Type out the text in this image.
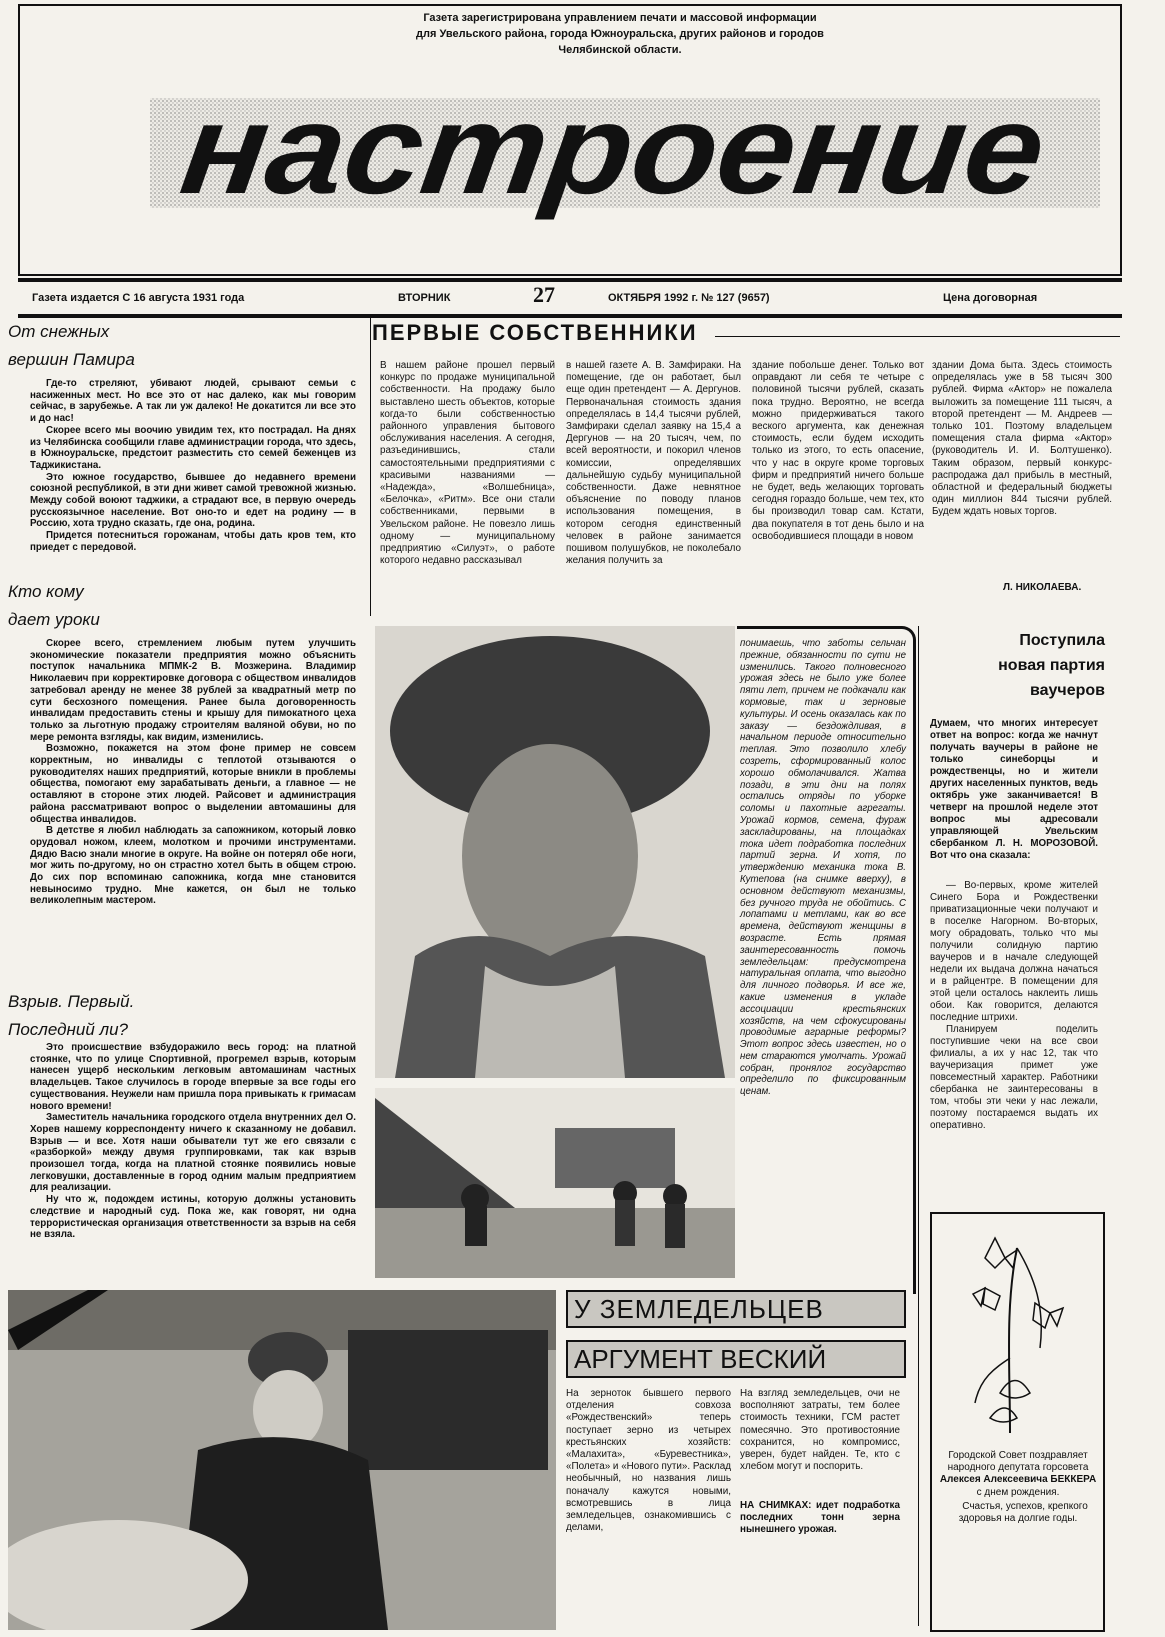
Газета зарегистрирована управлением печати и массовой информации
для Увельского района, города Южноуральска, других районов и городов
Челябинской области.
настроение
Газета издается С 16 августа 1931 года	ВТОРНИК	27	ОКТЯБРЯ 1992 г. № 127 (9657)	Цена договорная
От снежных
вершин Памира

Где-то стреляют, убивают людей, срывают семьи с насиженных мест. Но все это от нас далеко, как мы говорим сейчас, в зарубежье. А так ли уж далеко! Не докатится ли все это и до нас!

Скорее всего мы воочию увидим тех, кто пострадал. На днях из Челябинска сообщили главе администрации города, что здесь, в Южноуральске, предстоит разместить сто семей беженцев из Таджикистана.

Это южное государство, бывшее до недавнего времени союзной республикой, в эти дни живет самой тревожной жизнью. Между собой воюют таджики, а страдают все, в первую очередь русскоязычное население. Вот оно-то и едет на родину — в Россию, хота трудно сказать, где она, родина.

Придется потесниться горожанам, чтобы дать кров тем, кто приедет с передовой.

Кто кому
дает уроки

Скорее всего, стремлением любым путем улучшить экономические показатели предприятия можно объяснить поступок начальника МПМК-2 В. Мозжерина. Владимир Николаевич при корректировке договора с обществом инвалидов затребовал аренду не менее 38 рублей за квадратный метр по сути бесхозного помещения. Ранее была договоренность инвалидам предоставить стены и крышу для пимокатного цеха только за льготную продажу строителям валяной обуви, но по мере ремонта взгляды, как видим, изменились.

Возможно, покажется на этом фоне пример не совсем корректным, но инвалиды с теплотой отзываются о руководителях наших предприятий, которые вникли в проблемы общества, помогают ему зарабатывать деньги, а главное — не оставляют в стороне этих людей. Райсовет и администрация района рассматривают вопрос о выделении автомашины для общества инвалидов.

В детстве я любил наблюдать за сапожником, который ловко орудовал ножом, клеем, молотком и прочими инструментами. Дядю Васю знали многие в округе. На войне он потерял обе ноги, мог жить по-другому, но он страстно хотел быть в общем строю. До сих пор вспоминаю сапожника, когда мне становится невыносимо трудно. Мне кажется, он был не только великолепным мастером.

Взрыв. Первый.
Последний ли?

Это происшествие взбудоражило весь город: на платной стоянке, что по улице Спортивной, прогремел взрыв, которым нанесен ущерб нескольким легковым автомашинам частных владельцев. Такое случилось в городе впервые за все годы его существования. Неужели нам пришла пора привыкать к гримасам нового времени!

Заместитель начальника городского отдела внутренних дел О. Хорев нашему корреспонденту ничего к сказанному не добавил. Взрыв — и все. Хотя наши обыватели тут же его связали с «разборкой» между двумя группировками, так как взрыв произошел тогда, когда на платной стоянке появились новые легковушки, доставленные в город одним малым предприятием для реализации.

Ну что ж, подождем истины, которую должны установить следствие и народный суд. Пока же, как говорят, ни одна террористическая организация ответственности за взрыв на себя не взяла.

ПЕРВЫЕ СОБСТВЕННИКИ
В нашем районе прошел первый конкурс по продаже муниципальной собственности. На продажу было выставлено шесть объектов, которые когда-то были собственностью районного управления бытового обслуживания населения. А сегодня, разъединившись, стали самостоятельными предприятиями с красивыми названиями — «Надежда», «Волшебница», «Белочка», «Ритм». Все они стали собственниками, первыми в Увельском районе. Не повезло лишь одному — муниципальному предприятию «Силуэт», о работе которого недавно рассказывал
в нашей газете А. В. Замфираки. На помещение, где он работает, был еще один претендент — А. Дергунов. Первоначальная стоимость здания определялась в 14,4 тысячи рублей, Замфираки сделал заявку на 15,4 а Дергунов — на 20 тысяч, чем, по всей вероятности, и покорил членов комиссии, определявших дальнейшую судьбу муниципальной собственности. Даже невнятное объяснение по поводу планов использования помещения, в котором сегодня единственный человек в районе занимается пошивом полушубков, не поколебало желания получить за
здание побольше денег. Только вот оправдают ли себя те четыре с половиной тысячи рублей, сказать пока трудно. Вероятно, не всегда можно придерживаться такого веского аргумента, как денежная стоимость, если будем исходить только из этого, то есть опасение, что у нас в округе кроме торговых фирм и предприятий ничего больше не будет, ведь желающих торговать сегодня гораздо больше, чем тех, кто бы производил товар сам. Кстати, два покупателя в тот день было и на освободившиеся площади в новом
здании Дома быта. Здесь стоимость определялась уже в 58 тысяч 300 рублей. Фирма «Актор» не пожалела выложить за помещение 111 тысяч, а второй претендент — М. Андреев — только 101. Поэтому владельцем помещения стала фирма «Актор» (руководитель И. И. Болтушенко). Таким образом, первый конкурс-распродажа дал прибыль в местный, областной и федеральный бюджеты один миллион 844 тысячи рублей. Будем ждать новых торгов.
Л. НИКОЛАЕВА.
понимаешь, что заботы сельчан прежние, обязанности по сути не изменились. Такого полновесного урожая здесь не было уже более пяти лет, причем не подкачали как кормовые, так и зерновые культуры. И осень оказалась как по заказу — бездождливая, в начальном периоде относительно теплая. Это позволило хлебу созреть, сформированный колос хорошо обмолачивался. Жатва позади, в эти дни на полях остались отряды по уборке соломы и пахотные агрегаты. Урожай кормов, семена, фураж заскладированы, на площадках тока идет подработка последних партий зерна. И хотя, по утверждению механика тока В. Кутепова (на снимке вверху), в основном действуют механизмы, без ручного труда не обойтись. С лопатами и метлами, как во все времена, действуют женщины в возрасте. Есть прямая заинтересованность помочь земледельцам: предусмотрена натуральная оплата, что выгодно для личного подворья. И все же, какие изменения в укладе ассоциации крестьянских хозяйств, на чем сфокусированы проводимые аграрные реформы? Этот вопрос здесь известен, но о нем стараются умолчать. Урожай собран, пронялог государство определило по фиксированным ценам.
У ЗЕМЛЕДЕЛЬЦЕВ
АРГУМЕНТ ВЕСКИЙ
На зерноток бывшего первого отделения совхоза «Рождественский» теперь поступает зерно из четырех крестьянских хозяйств: «Малахита», «Буревестника», «Полета» и «Нового пути». Расклад необычный, но названия лишь поначалу кажутся новыми, всмотревшись в лица земледельцев, ознакомившись с делами,
На взгляд земледельцев, очи не восполняют затраты, тем более стоимость техники, ГСМ растет помесячно. Это противостояние сохранится, но компромисс, уверен, будет найден. Те, кто с хлебом могут и поспорить.
НА СНИМКАХ: идет подработка последних тонн зерна нынешнего урожая.
Поступила
новая партия
ваучеров
Думаем, что многих интересует ответ на вопрос: когда же начнут получать ваучеры в районе не только синеборцы и рождественцы, но и жители других населенных пунктов, ведь октябрь уже заканчивается! В четверг на прошлой неделе этот вопрос мы адресовали управляющей Увельским сбербанком Л. Н. МОРОЗОВОЙ. Вот что она сказала:

— Во-первых, кроме жителей Синего Бора и Рождественки приватизационные чеки получают и в поселке Нагорном. Во-вторых, могу обрадовать, только что мы получили солидную партию ваучеров и в начале следующей недели их выдача должна начаться и в райцентре. В помещении для этой цели осталось наклеить лишь обои. Как говорится, делаются последние штрихи.

Планируем поделить поступившие чеки на все свои филиалы, а их у нас 12, так что ваучеризация примет уже повсеместный характер. Работники сбербанка не заинтересованы в том, чтобы эти чеки у нас лежали, поэтому постараемся выдать их оперативно.

Городской Совет поздравляет народного депутата горсовета Алексея Алексеевича БЕККЕРА с днем рождения.
Счастья, успехов, крепкого здоровья на долгие годы.
